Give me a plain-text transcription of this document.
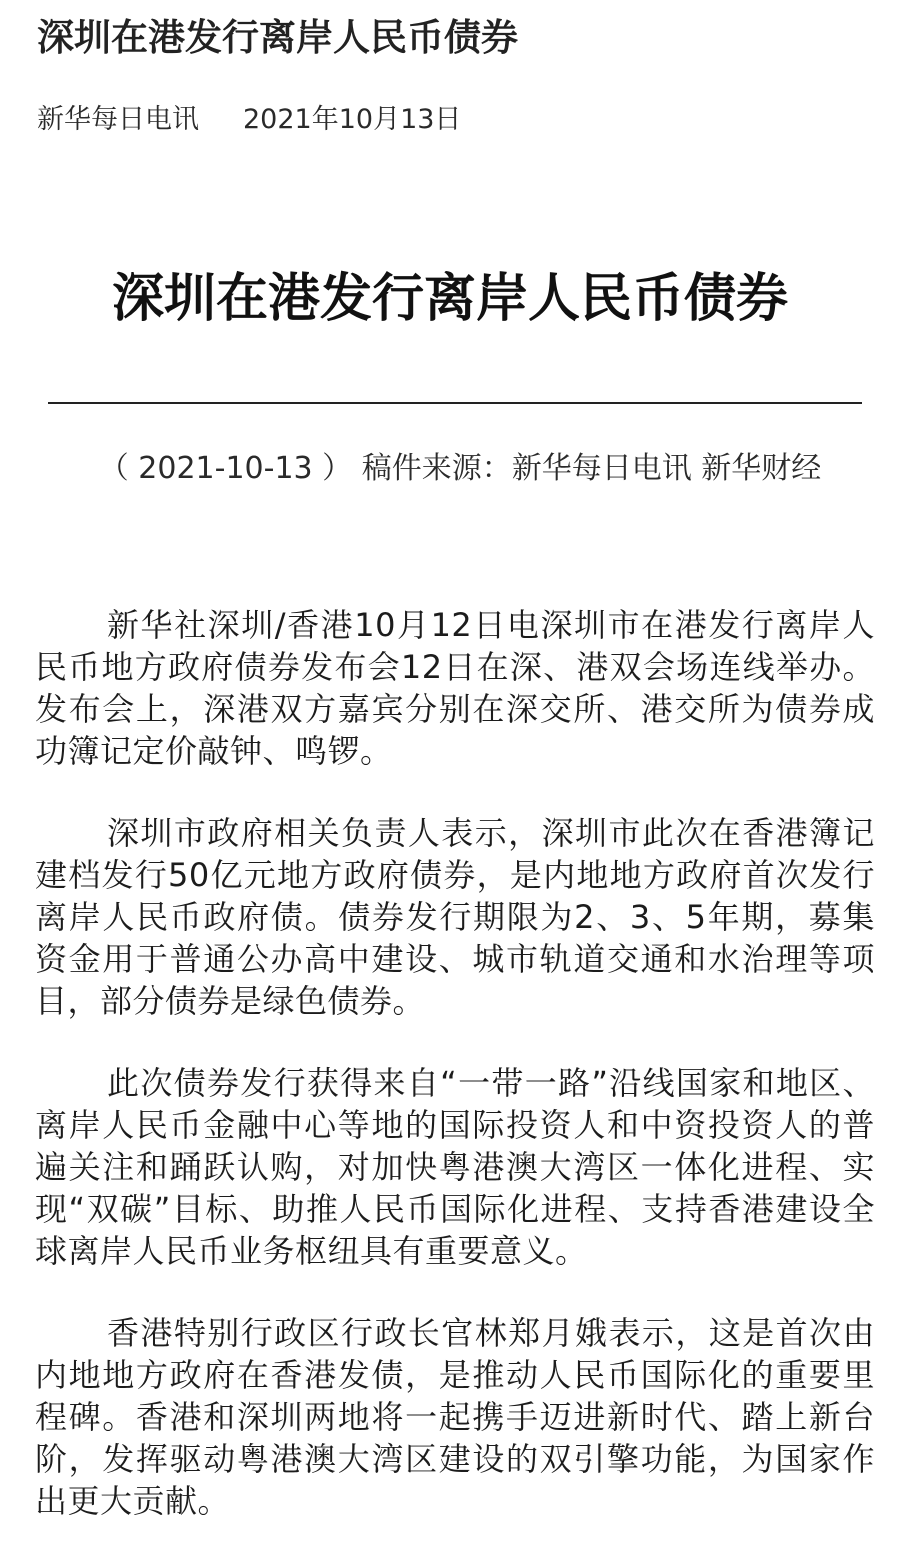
深圳在港发行离岸人民币债券
新华每日电讯 2021年10月13日
深圳在港发行离岸人民币债券
（ 2021-10-13 ） 稿件来源：新华每日电讯 新华财经

新华社深圳/香港10月12日电深圳市在港发行离岸人民币地方政府债券发布会12日在深、港双会场连线举办。发布会上，深港双方嘉宾分别在深交所、港交所为债券成功簿记定价敲钟、鸣锣。

深圳市政府相关负责人表示，深圳市此次在香港簿记建档发行50亿元地方政府债券，是内地地方政府首次发行离岸人民币政府债。债券发行期限为2、3、5年期，募集资金用于普通公办高中建设、城市轨道交通和水治理等项目，部分债券是绿色债券。

此次债券发行获得来自“一带一路”沿线国家和地区、离岸人民币金融中心等地的国际投资人和中资投资人的普遍关注和踊跃认购，对加快粤港澳大湾区一体化进程、实现“双碳”目标、助推人民币国际化进程、支持香港建设全球离岸人民币业务枢纽具有重要意义。

香港特别行政区行政长官林郑月娥表示，这是首次由内地地方政府在香港发债，是推动人民币国际化的重要里程碑。香港和深圳两地将一起携手迈进新时代、踏上新台阶，发挥驱动粤港澳大湾区建设的双引擎功能，为国家作出更大贡献。
